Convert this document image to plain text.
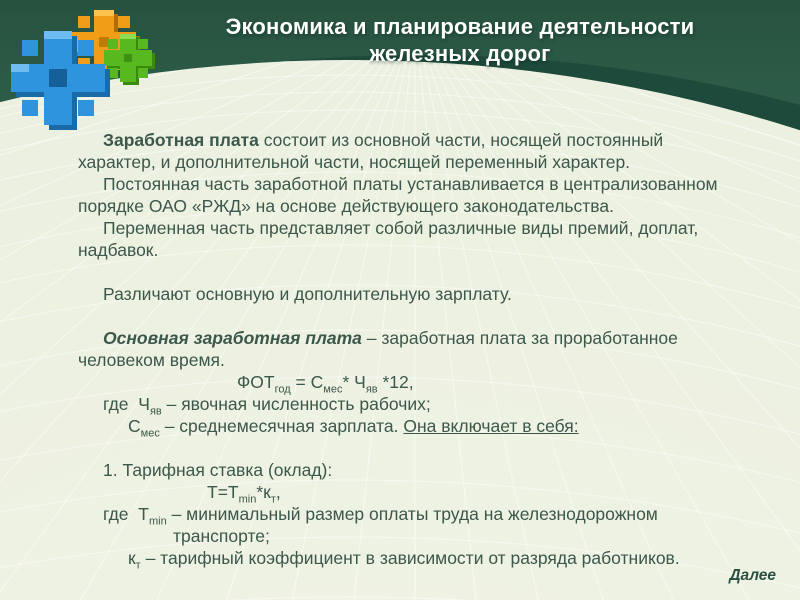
Экономика и планирование деятельности
железных дорог

Заработная плата состоит из основной части, носящей постоянный

характер, и дополнительной части, носящей переменный характер.

Постоянная часть заработной платы устанавливается в централизованном

порядке ОАО «РЖД» на основе действующего законодательства.

Переменная часть представляет собой различные виды премий, доплат,

надбавок.

Различают основную и дополнительную зарплату.

Основная заработная плата – заработная плата за проработанное

человеком время.

$ФОТ_{год} = С_{мес}*$ $Ч_{яв}$ *12,

где  $Ч_{яв}$ – явочная численность рабочих;

$С_{мес}$ – среднемесячная зарплата. Она включает в себя:

1. Тарифная ставка (оклад):

$Т=Т_{min}*к_т$,

где  $Т_{min}$ – минимальный размер оплаты труда на железнодорожном

транспорте;

$к_т$ – тарифный коэффициент в зависимости от разряда работников.

Далее
